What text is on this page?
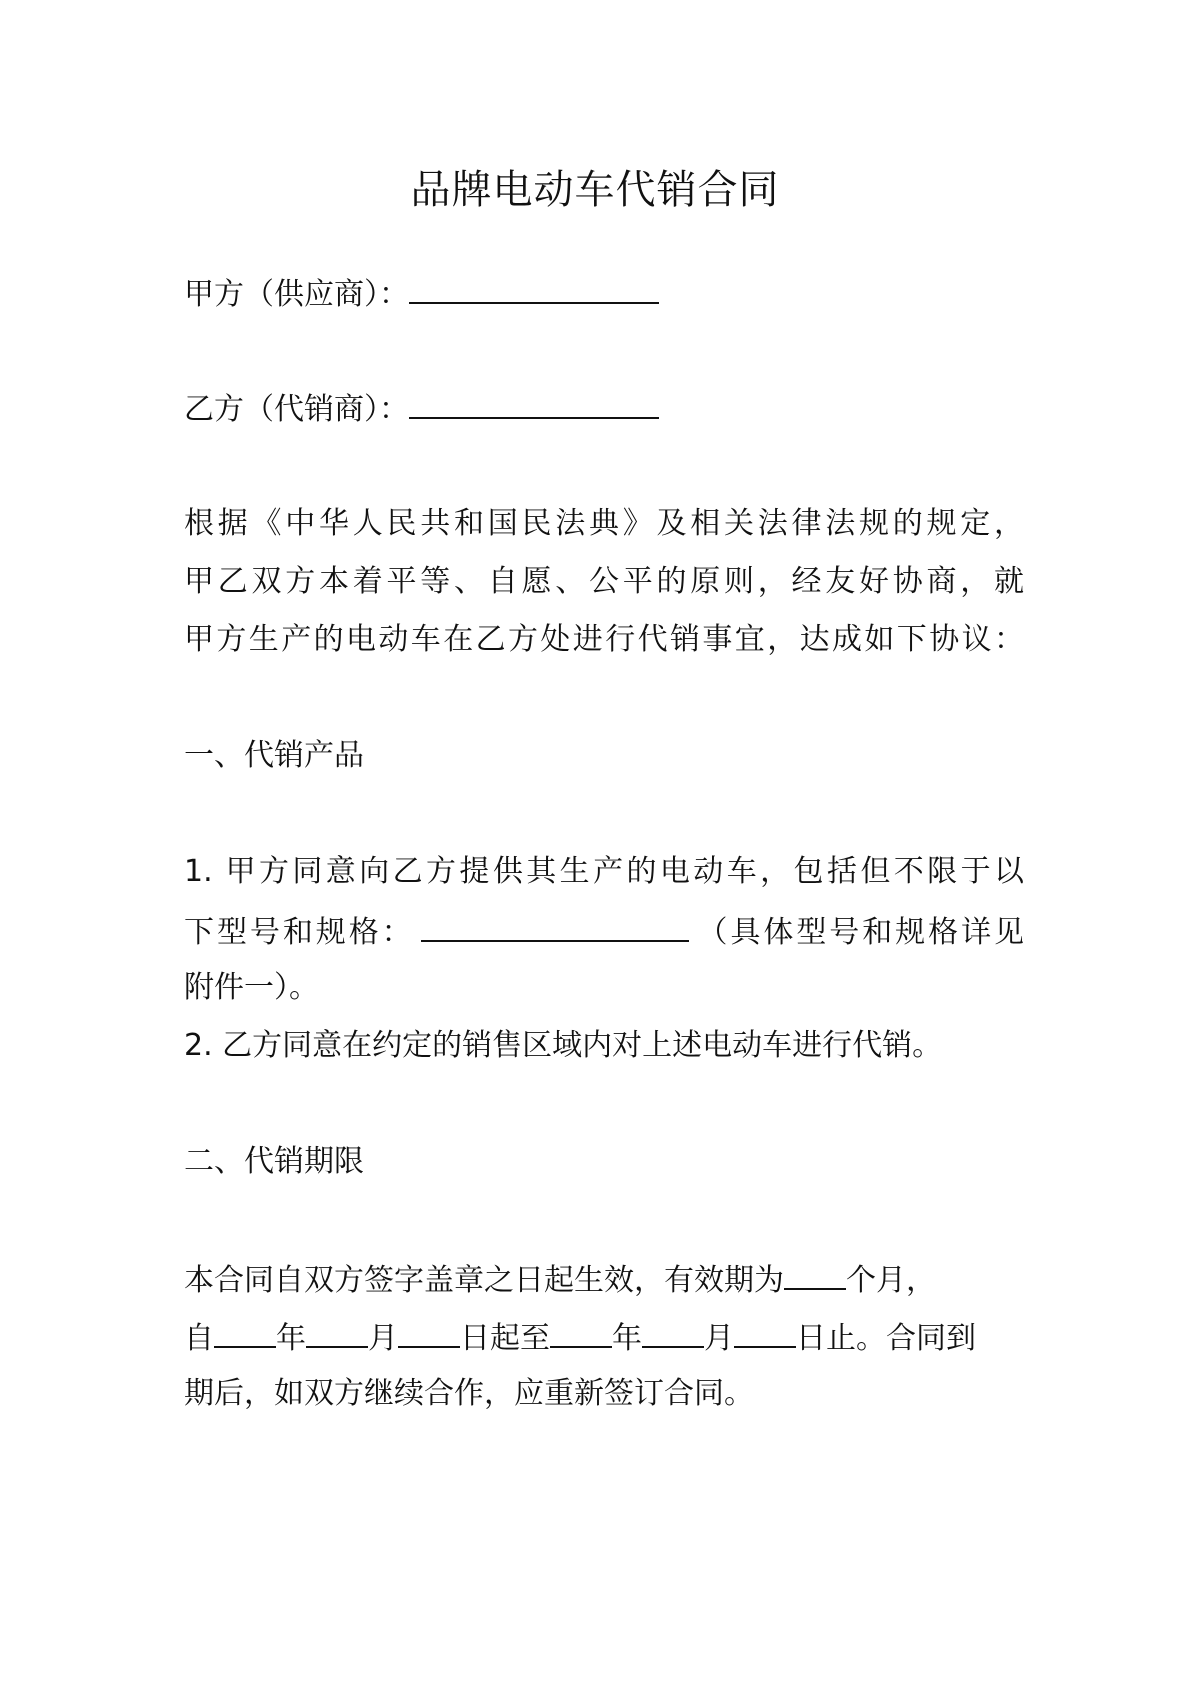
品牌电动车代销合同
甲方（供应商）：
乙方（代销商）：
根据《中华人民共和国民法典》及相关法律法规的规定，
甲乙双方本着平等、自愿、公平的原则，经友好协商，就
甲方生产的电动车在乙方处进行代销事宜，达成如下协议：
一、代销产品
1. 甲方同意向乙方提供其生产的电动车，包括但不限于以
下型号和规格：	（具体型号和规格详见
附件一）。
2. 乙方同意在约定的销售区域内对上述电动车进行代销。
二、代销期限
本合同自双方签字盖章之日起生效，有效期为 个月，
自 年 月 日起至 年 月 日止。合同到
期后，如双方继续合作，应重新签订合同。
